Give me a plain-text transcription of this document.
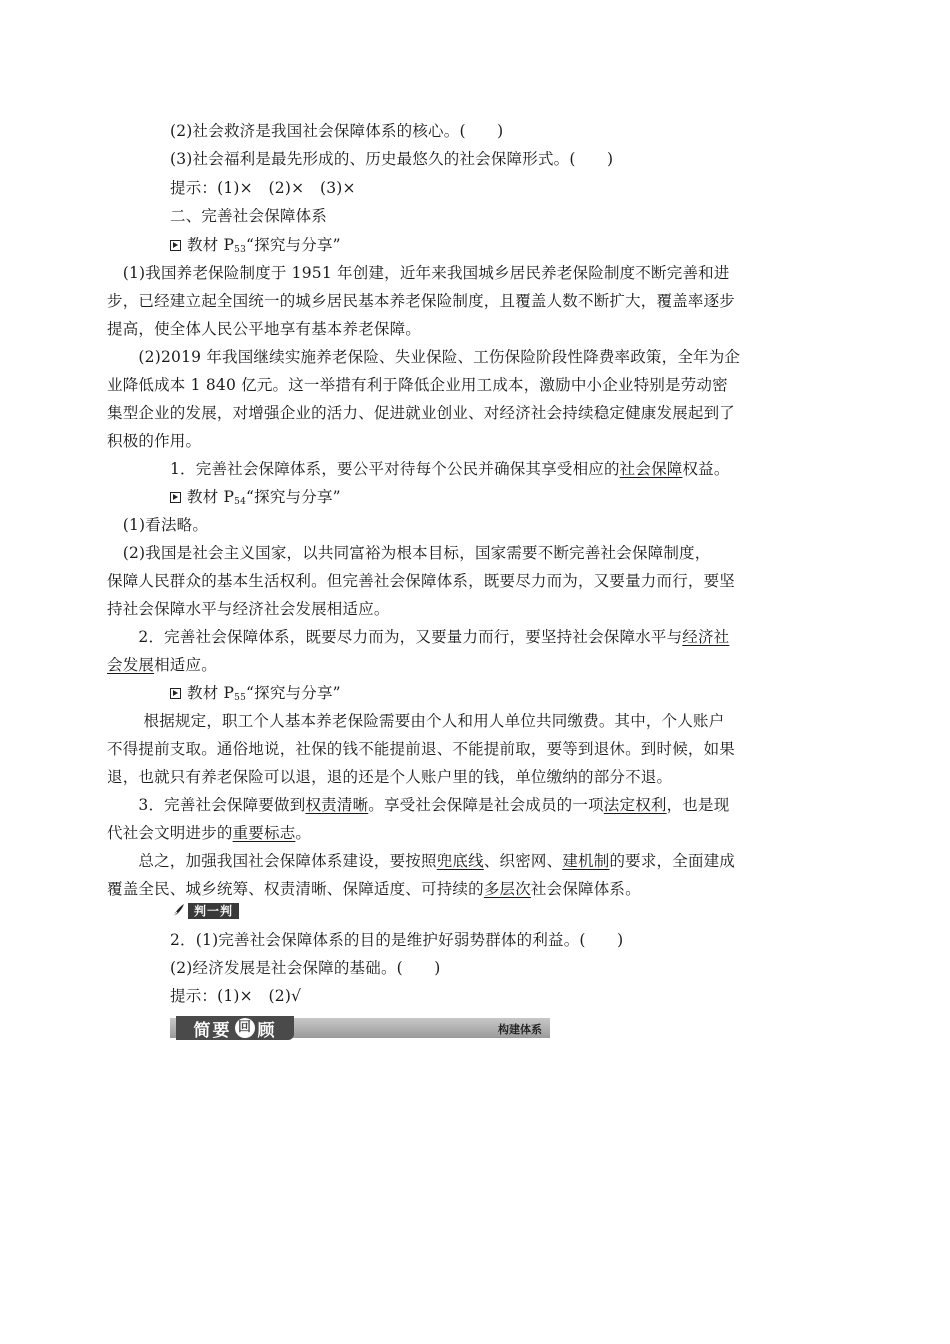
(2)社会救济是我国社会保障体系的核心。(　　)
(3)社会福利是最先形成的、历史最悠久的社会保障形式。(　　)
提示：(1)×　(2)×　(3)×
二、完善社会保障体系
教材 $P_{53}“$探究与分享”
　(1)我国养老保险制度于 1951 年创建，近年来我国城乡居民养老保险制度不断完善和进
步，已经建立起全国统一的城乡居民基本养老保险制度，且覆盖人数不断扩大，覆盖率逐步
提高，使全体人民公平地享有基本养老保障。
　　(2)2019 年我国继续实施养老保险、失业保险、工伤保险阶段性降费率政策，全年为企
业降低成本 1 840 亿元。这一举措有利于降低企业用工成本，激励中小企业特别是劳动密
集型企业的发展，对增强企业的活力、促进就业创业、对经济社会持续稳定健康发展起到了
积极的作用。
1．完善社会保障体系，要公平对待每个公民并确保其享受相应的社会保障权益。
教材 $P_{54}“$探究与分享”
　(1)看法略。
　(2)我国是社会主义国家，以共同富裕为根本目标，国家需要不断完善社会保障制度，
保障人民群众的基本生活权利。但完善社会保障体系，既要尽力而为，又要量力而行，要坚
持社会保障水平与经济社会发展相适应。
　　2．完善社会保障体系，既要尽力而为，又要量力而行，要坚持社会保障水平与经济社
会发展相适应。
教材 $P_{55}“$探究与分享”
　　 根据规定，职工个人基本养老保险需要由个人和用人单位共同缴费。其中，个人账户
不得提前支取。通俗地说，社保的钱不能提前退、不能提前取，要等到退休。到时候，如果
退，也就只有养老保险可以退，退的还是个人账户里的钱，单位缴纳的部分不退。
　　3．完善社会保障要做到权责清晰。享受社会保障是社会成员的一项法定权利，也是现
代社会文明进步的重要标志。
　　总之，加强我国社会保障体系建设，要按照兜底线、织密网、建机制的要求，全面建成
覆盖全民、城乡统筹、权责清晰、保障适度、可持续的多层次社会保障体系。
判一判
2．(1)完善社会保障体系的目的是维护好弱势群体的利益。(　　)
(2)经济发展是社会保障的基础。(　　)
提示：(1)×　(2)√
简要 回 顾	构建体系
